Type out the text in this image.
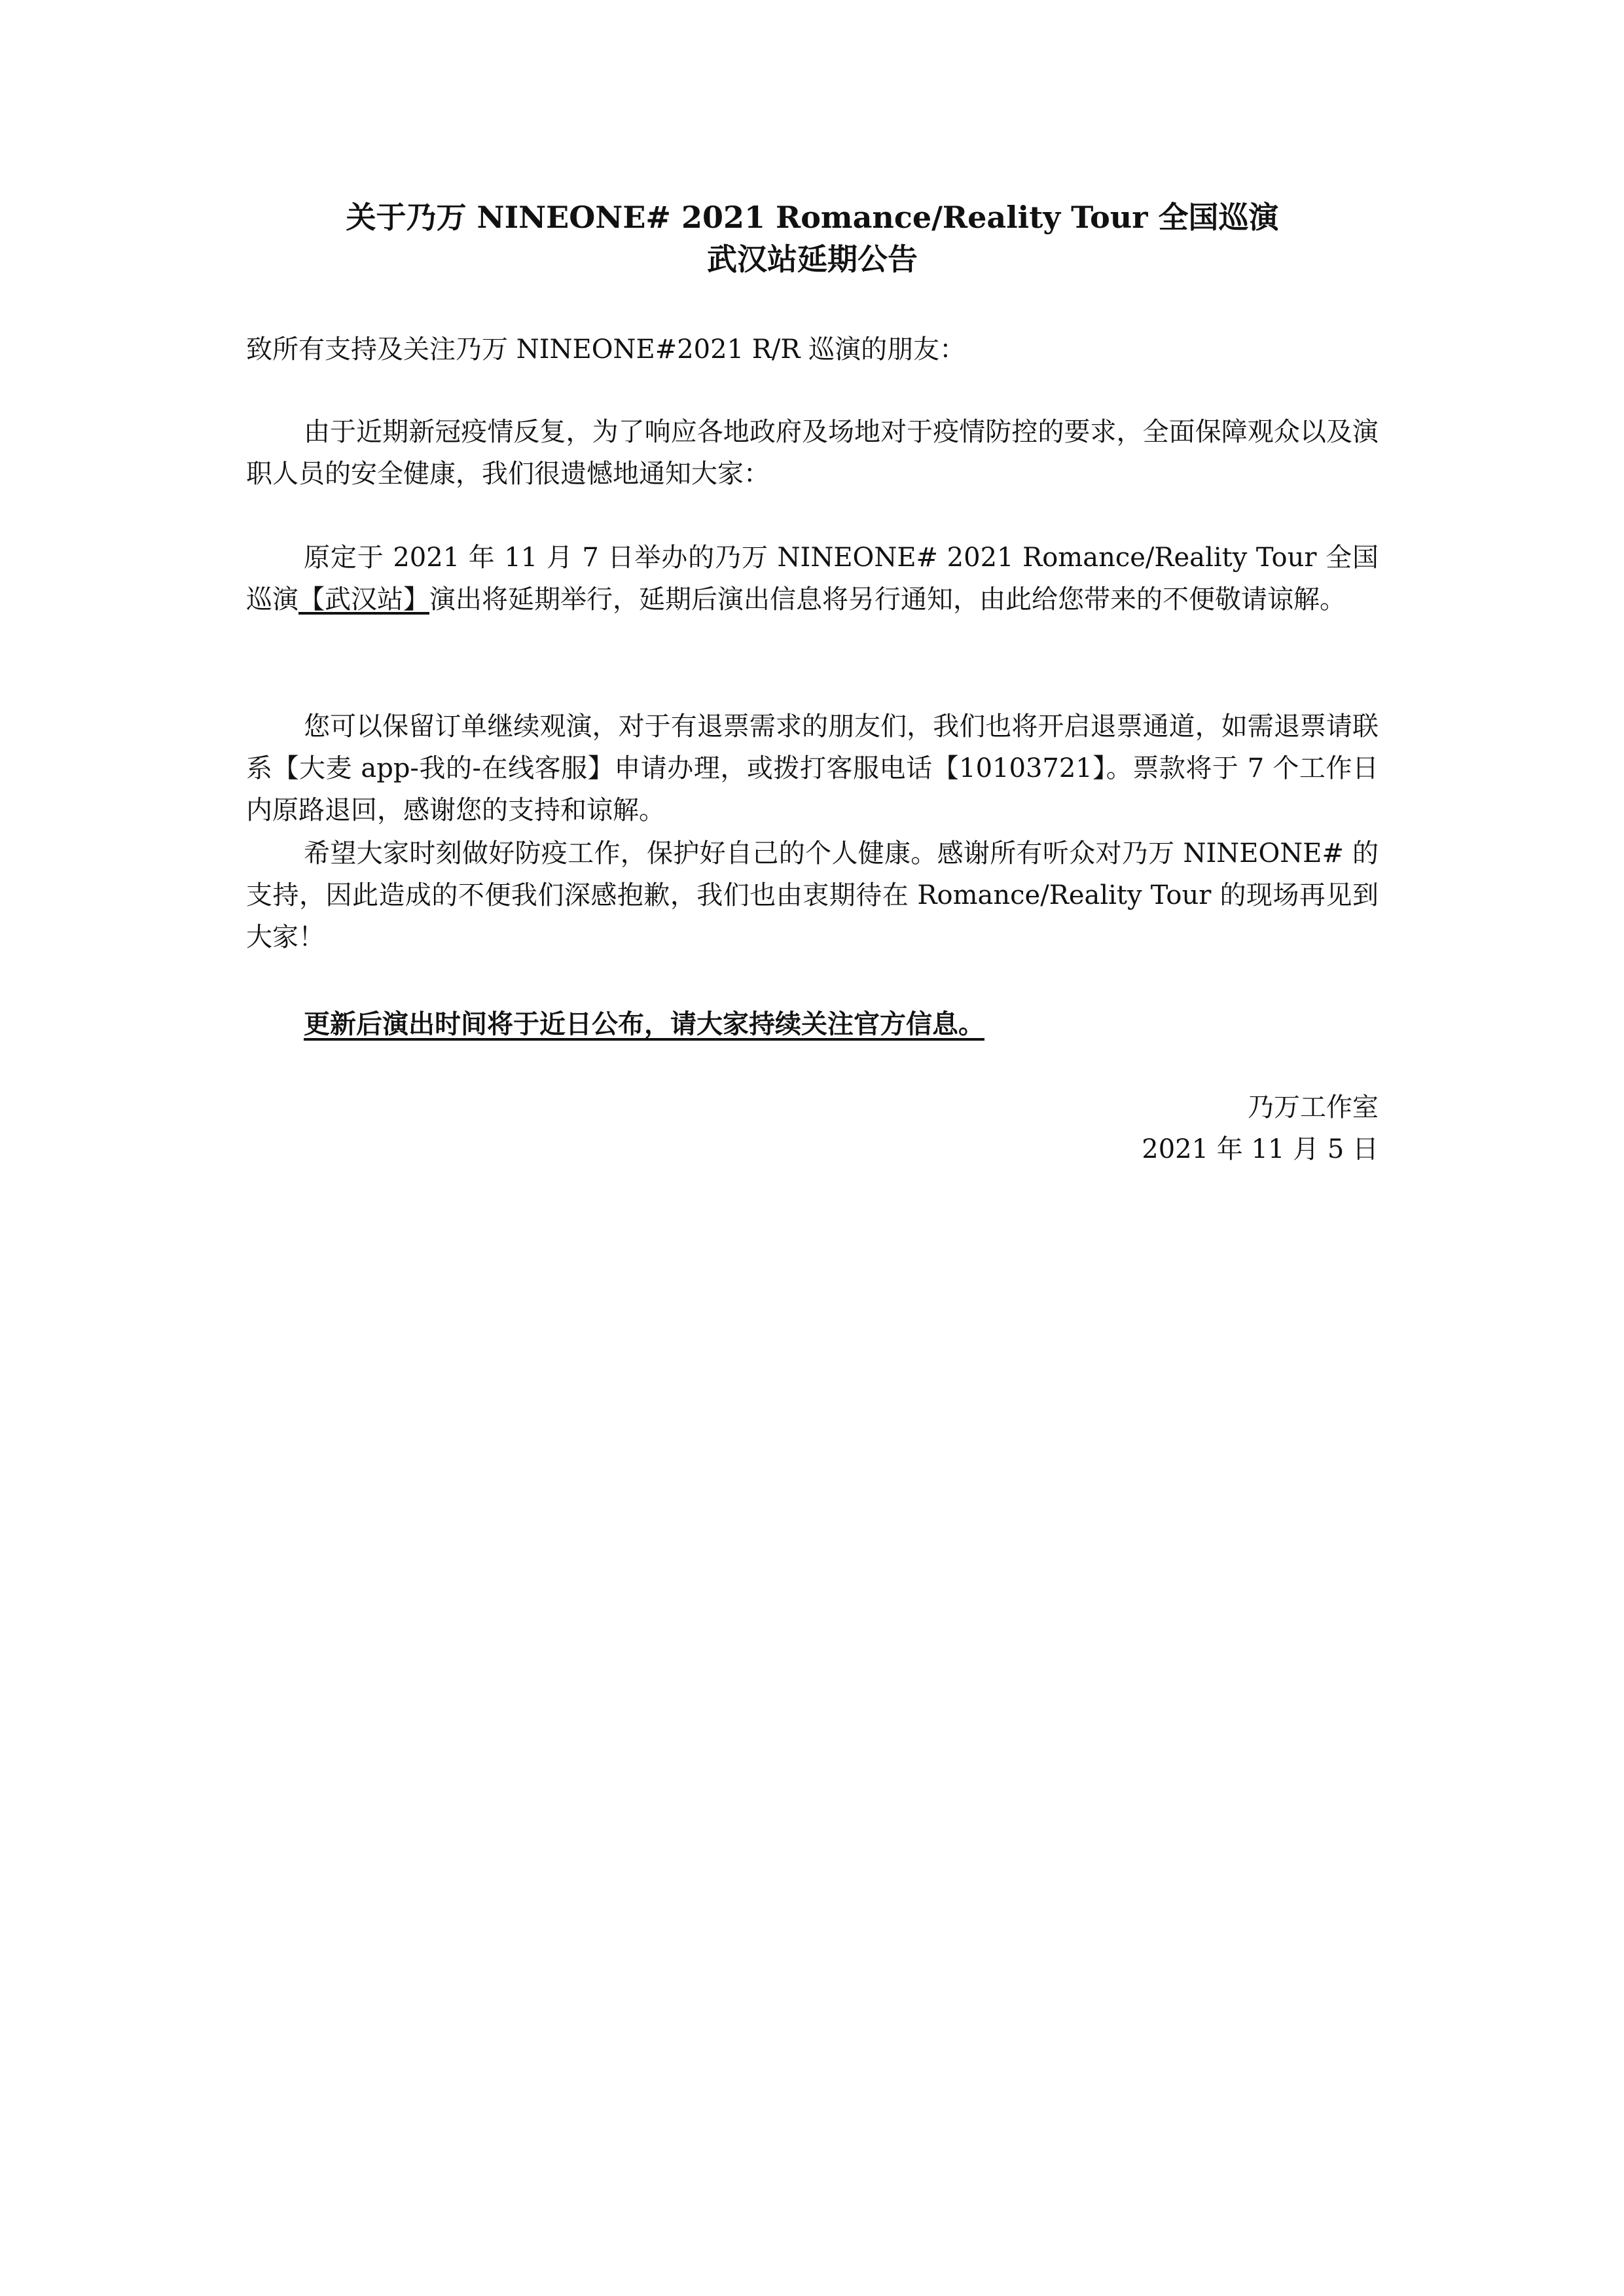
关于乃万 NINEONE# 2021 Romance/Reality Tour 全国巡演
武汉站延期公告

致所有支持及关注乃万 NINEONE#2021 R/R 巡演的朋友：

由于近期新冠疫情反复，为了响应各地政府及场地对于疫情防控的要求，全面保障观众以及演职人员的安全健康，我们很遗憾地通知大家：

原定于 2021 年 11 月 7 日举办的乃万 NINEONE# 2021 Romance/Reality Tour 全国巡演【武汉站】演出将延期举行，延期后演出信息将另行通知，由此给您带来的不便敬请谅解。

您可以保留订单继续观演，对于有退票需求的朋友们，我们也将开启退票通道，如需退票请联系【大麦 app-我的-在线客服】申请办理，或拨打客服电话【10103721】。票款将于 7 个工作日内原路退回，感谢您的支持和谅解。

希望大家时刻做好防疫工作，保护好自己的个人健康。感谢所有听众对乃万 NINEONE# 的支持，因此造成的不便我们深感抱歉，我们也由衷期待在 Romance/Reality Tour 的现场再见到大家！

更新后演出时间将于近日公布，请大家持续关注官方信息。

乃万工作室

2021 年 11 月 5 日
